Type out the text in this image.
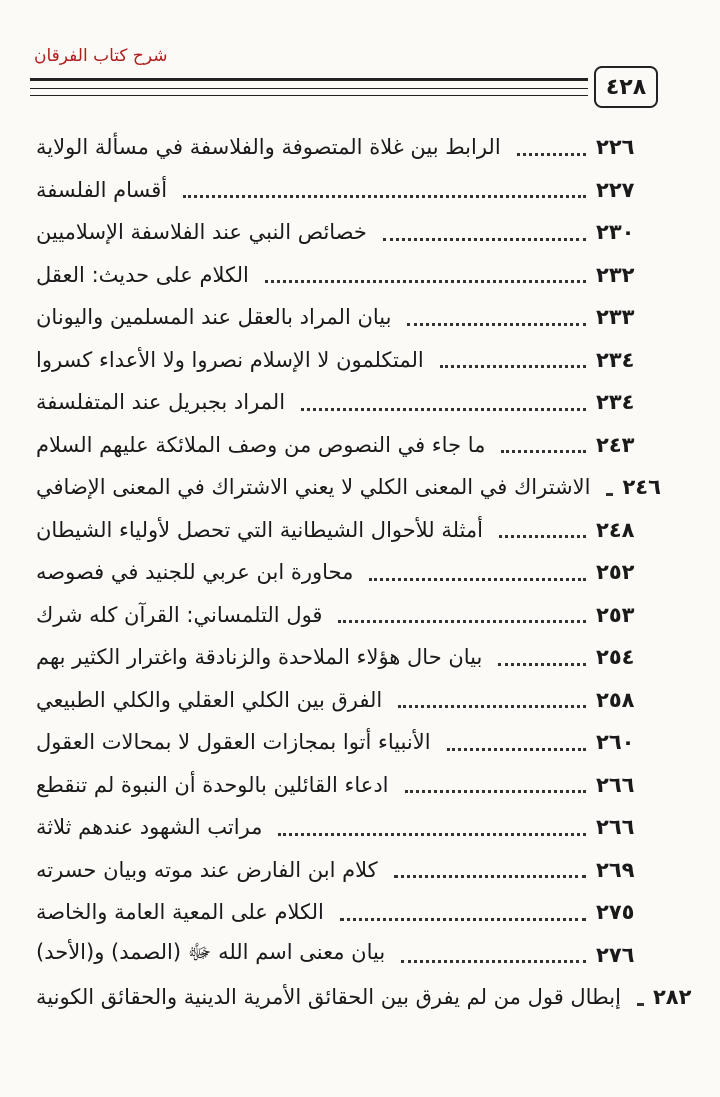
شرح كتاب الفرقان
٤٢٨
الرابط بين غلاة المتصوفة والفلاسفة في مسألة الولاية	٢٢٦
أقسام الفلسفة	٢٢٧
خصائص النبي عند الفلاسفة الإسلاميين	٢٣٠
الكلام على حديث: العقل	٢٣٢
بيان المراد بالعقل عند المسلمين واليونان	٢٣٣
المتكلمون لا الإسلام نصروا ولا الأعداء كسروا	٢٣٤
المراد بجبريل عند المتفلسفة	٢٣٤
ما جاء في النصوص من وصف الملائكة عليهم السلام	٢٤٣
الاشتراك في المعنى الكلي لا يعني الاشتراك في المعنى الإضافي ٢٤٦
أمثلة للأحوال الشيطانية التي تحصل لأولياء الشيطان	٢٤٨
محاورة ابن عربي للجنيد في فصوصه	٢٥٢
قول التلمساني: القرآن كله شرك	٢٥٣
بيان حال هؤلاء الملاحدة والزنادقة واغترار الكثير بهم	٢٥٤
الفرق بين الكلي العقلي والكلي الطبيعي	٢٥٨
الأنبياء أتوا بمجازات العقول لا بمحالات العقول	٢٦٠
ادعاء القائلين بالوحدة أن النبوة لم تنقطع	٢٦٦
مراتب الشهود عندهم ثلاثة	٢٦٦
كلام ابن الفارض عند موته وبيان حسرته	٢٦٩
الكلام على المعية العامة والخاصة	٢٧٥
بيان معنى اسم الله ﷻ (الصمد) و(الأحد)	٢٧٦
إبطال قول من لم يفرق بين الحقائق الأمرية الدينية والحقائق الكونية ٢٨٢
